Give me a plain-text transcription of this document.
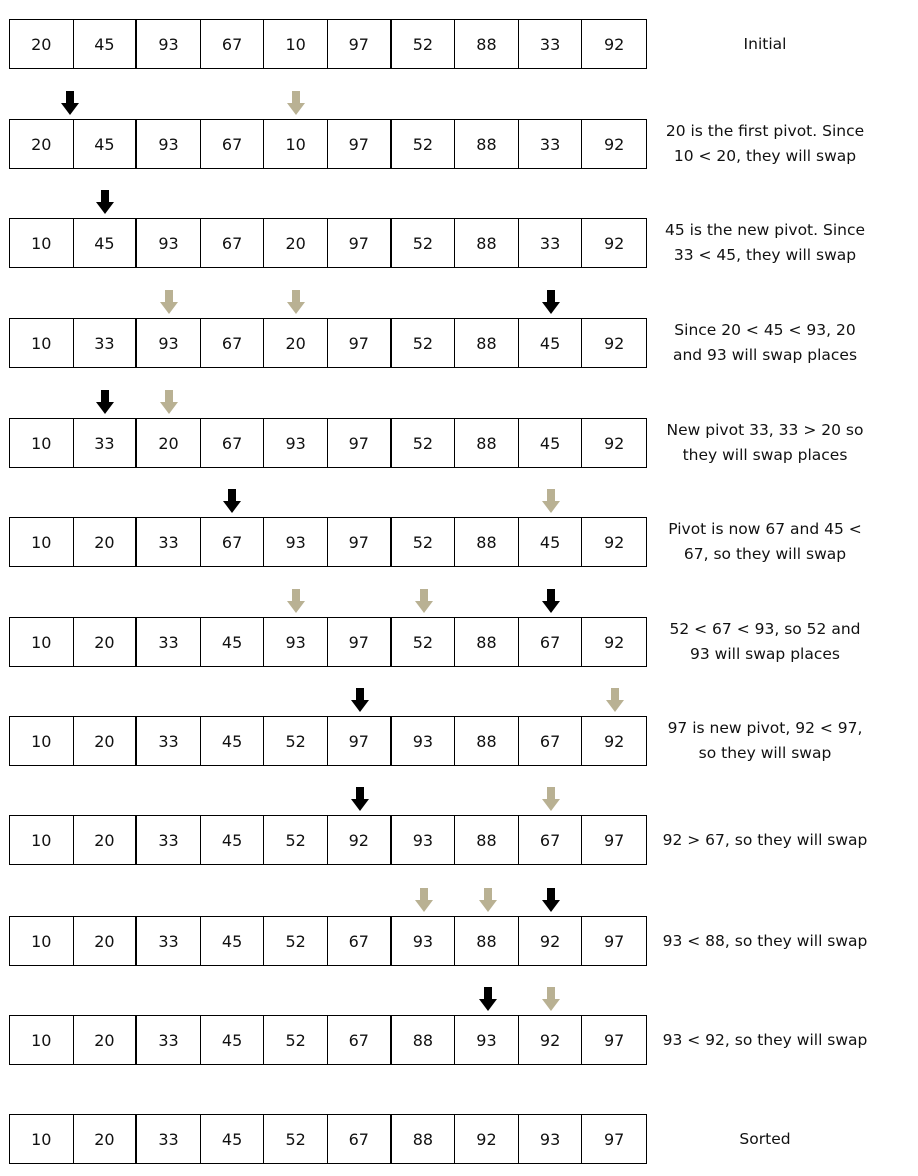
20	45	93	67	10	97	52	88	33	92	Initial
20	45	93	67	10	97	52	88	33	92
20 is the first pivot. Since
10 < 20, they will swap
10	45	93	67	20	97	52	88	33	92
45 is the new pivot. Since
33 < 45, they will swap
10	33	93	67	20	97	52	88	45	92
Since 20 < 45 < 93, 20
and 93 will swap places
10	33	20	67	93	97	52	88	45	92
New pivot 33, 33 > 20 so
they will swap places
10	20	33	67	93	97	52	88	45	92
Pivot is now 67 and 45 <
67, so they will swap
10	20	33	45	93	97	52	88	67	92
52 < 67 < 93, so 52 and
93 will swap places
10	20	33	45	52	97	93	88	67	92
97 is new pivot, 92 < 97,
so they will swap
10	20	33	45	52	92	93	88	67	97	92 > 67, so they will swap
10	20	33	45	52	67	93	88	92	97	93 < 88, so they will swap
10	20	33	45	52	67	88	93	92	97	93 < 92, so they will swap
10	20	33	45	52	67	88	92	93	97	Sorted
